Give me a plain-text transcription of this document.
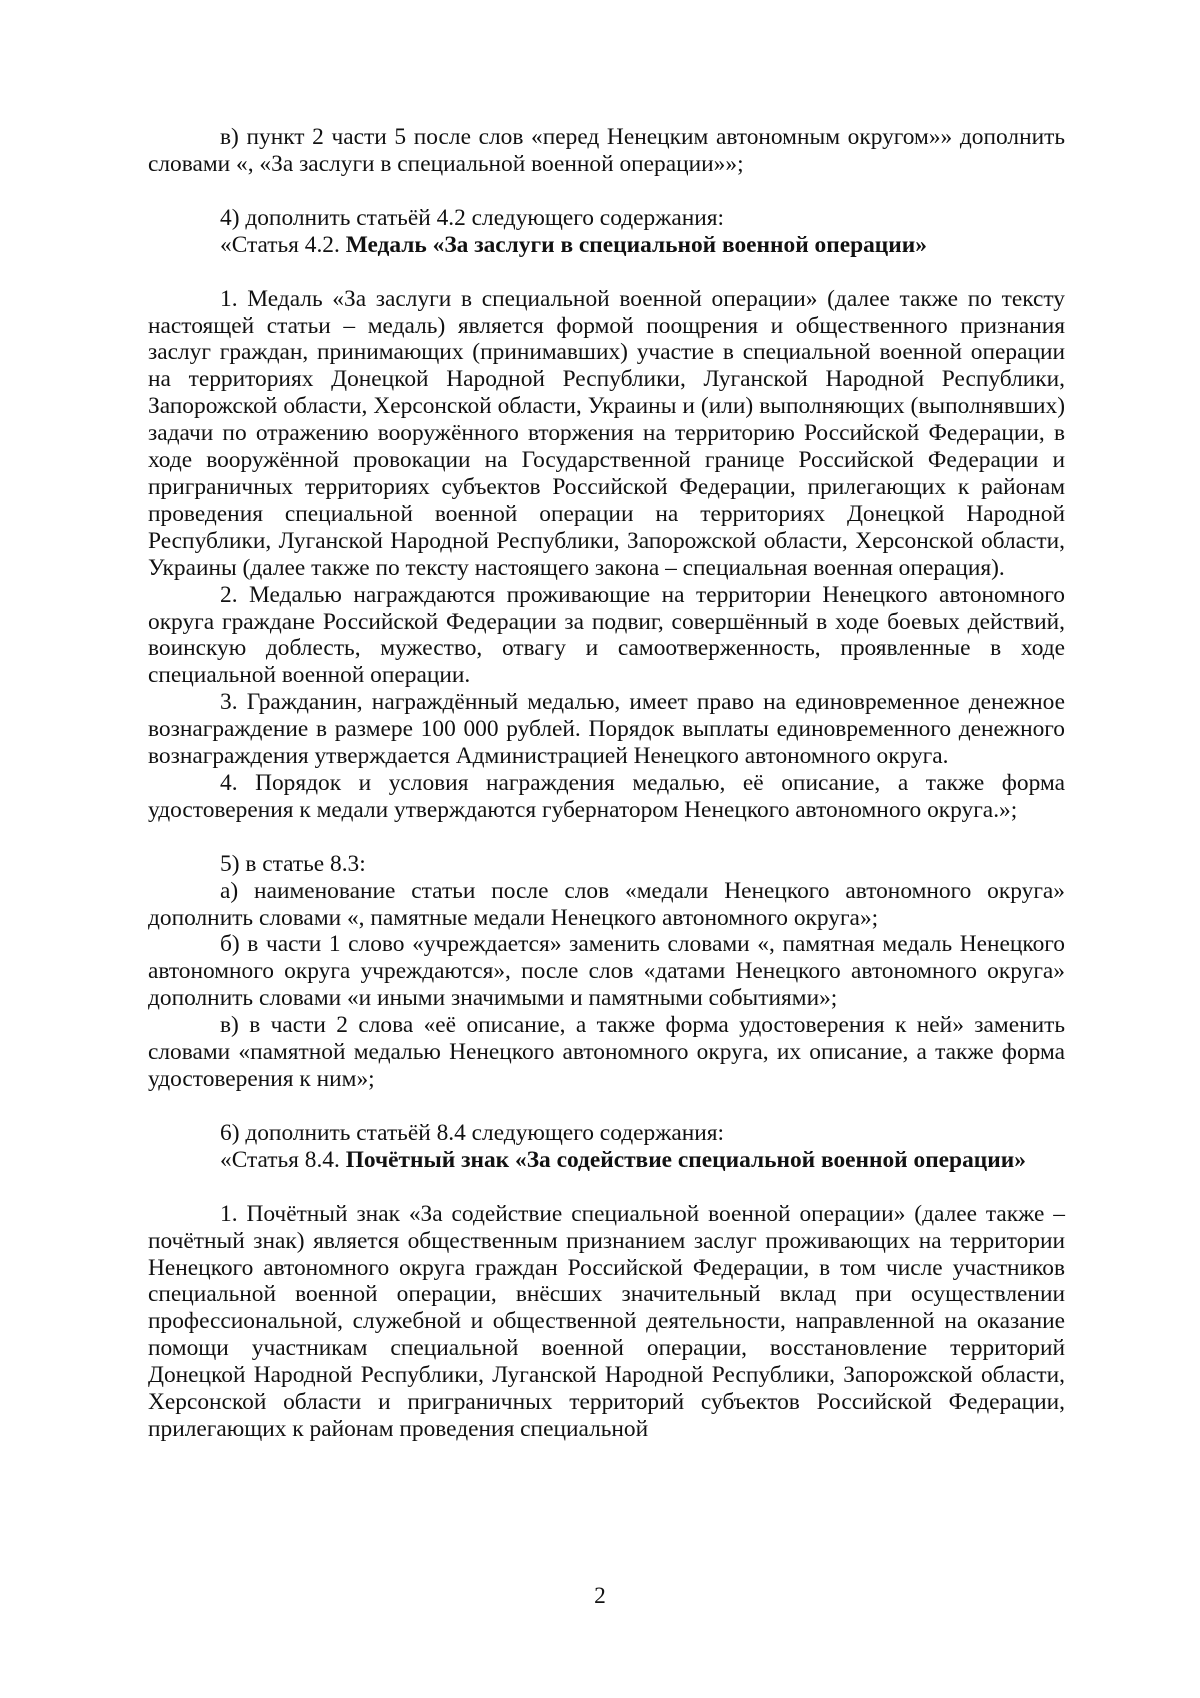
в) пункт 2 части 5 после слов «перед Ненецким автономным округом»» дополнить словами «, «За заслуги в специальной военной операции»»;

4) дополнить статьёй 4.2 следующего содержания:

«Статья 4.2. Медаль «За заслуги в специальной военной операции»

1. Медаль «За заслуги в специальной военной операции» (далее также по тексту настоящей статьи – медаль) является формой поощрения и общественного признания заслуг граждан, принимающих (принимавших) участие в специальной военной операции на территориях Донецкой Народной Республики, Луганской Народной Республики, Запорожской области, Херсонской области, Украины и (или) выполняющих (выполнявших) задачи по отражению вооружённого вторжения на территорию Российской Федерации, в ходе вооружённой провокации на Государственной границе Российской Федерации и приграничных территориях субъектов Российской Федерации, прилегающих к районам проведения специальной военной операции на территориях Донецкой Народной Республики, Луганской Народной Республики, Запорожской области, Херсонской области, Украины (далее также по тексту настоящего закона – специальная военная операция).

2. Медалью награждаются проживающие на территории Ненецкого автономного округа граждане Российской Федерации за подвиг, совершённый в ходе боевых действий, воинскую доблесть, мужество, отвагу и самоотверженность, проявленные в ходе специальной военной операции.

3. Гражданин, награждённый медалью, имеет право на единовременное денежное вознаграждение в размере 100 000 рублей. Порядок выплаты единовременного денежного вознаграждения утверждается Администрацией Ненецкого автономного округа.

4. Порядок и условия награждения медалью, её описание, а также форма удостоверения к медали утверждаются губернатором Ненецкого автономного округа.»;

5) в статье 8.3:

а) наименование статьи после слов «медали Ненецкого автономного округа» дополнить словами «, памятные медали Ненецкого автономного округа»;

б) в части 1 слово «учреждается» заменить словами «, памятная медаль Ненецкого автономного округа учреждаются», после слов «датами Ненецкого автономного округа» дополнить словами «и иными значимыми и памятными событиями»;

в) в части 2 слова «её описание, а также форма удостоверения к ней» заменить словами «памятной медалью Ненецкого автономного округа, их описание, а также форма удостоверения к ним»;

6) дополнить статьёй 8.4 следующего содержания:

«Статья 8.4. Почётный знак «За содействие специальной военной операции»

1. Почётный знак «За содействие специальной военной операции» (далее также – почётный знак) является общественным признанием заслуг проживающих на территории Ненецкого автономного округа граждан Российской Федерации, в том числе участников специальной военной операции, внёсших значительный вклад при осуществлении профессиональной, служебной и общественной деятельности, направленной на оказание помощи участникам специальной военной операции, восстановление территорий Донецкой Народной Республики, Луганской Народной Республики, Запорожской области, Херсонской области и приграничных территорий субъектов Российской Федерации, прилегающих к районам проведения специальной

2
